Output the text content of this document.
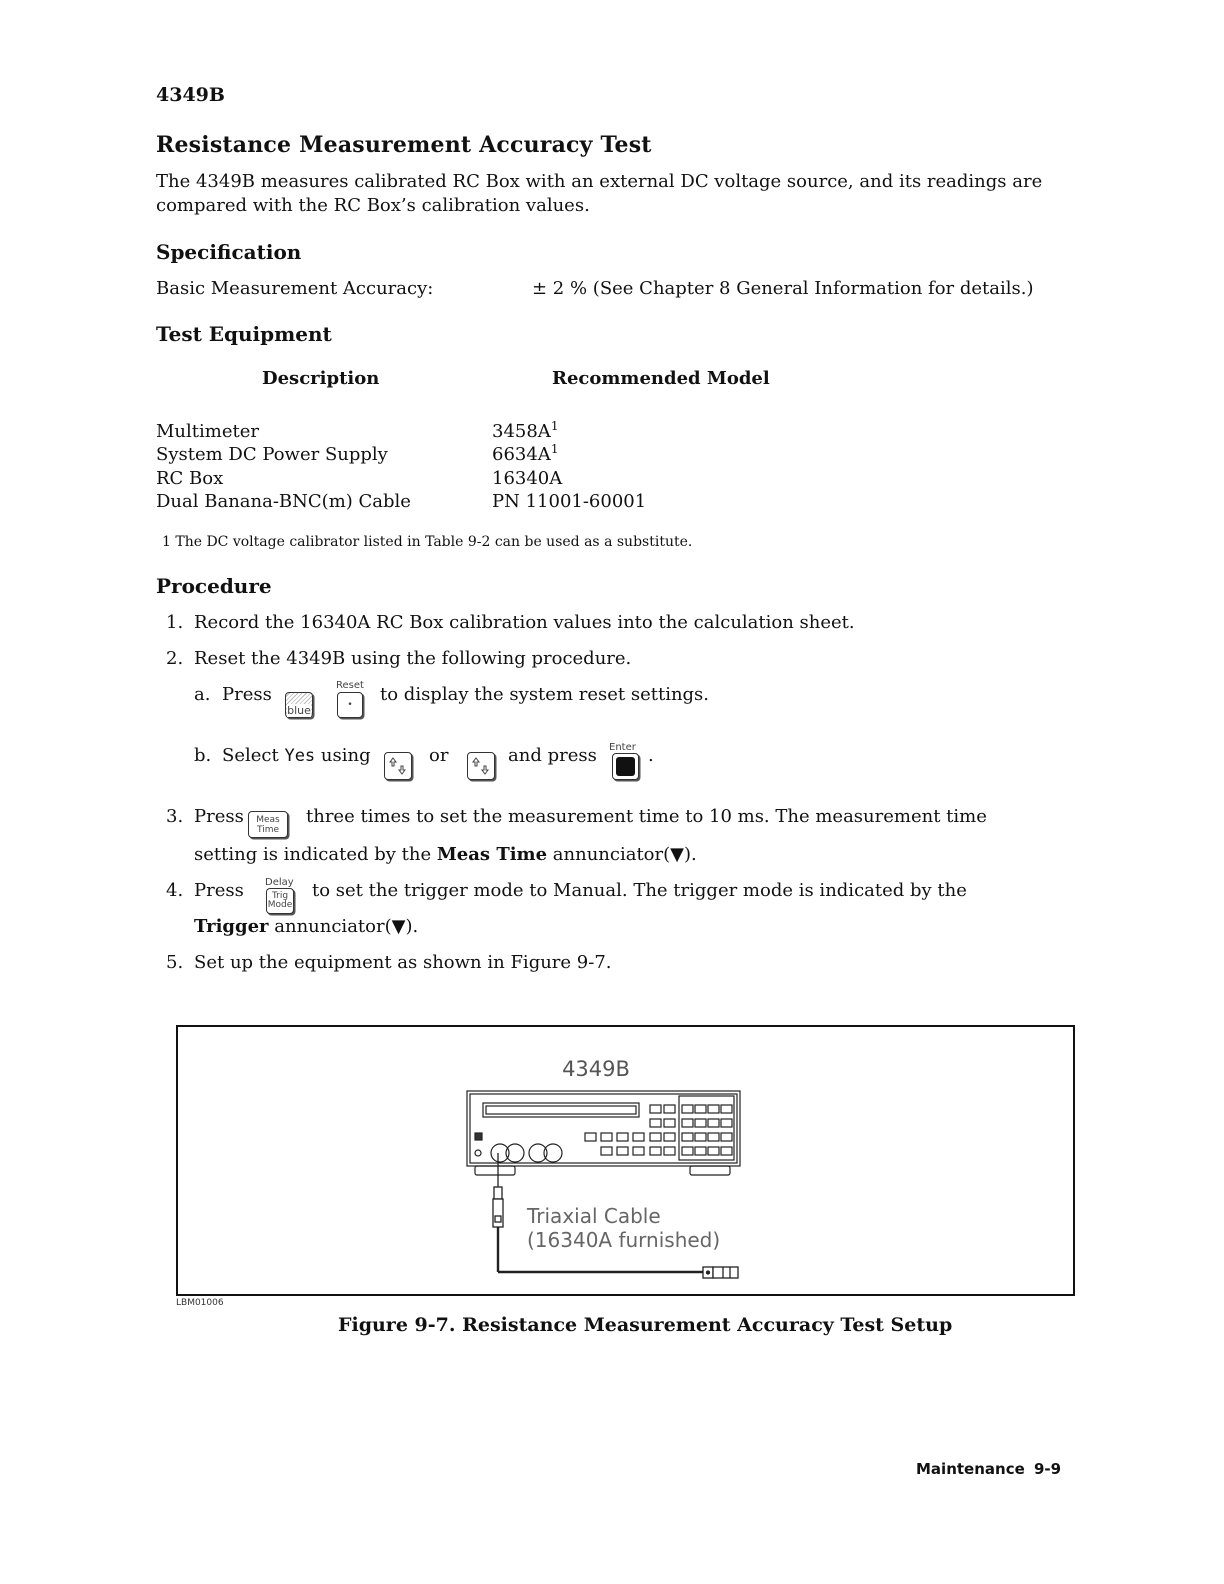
4349B
Resistance Measurement Accuracy Test
The 4349B measures calibrated RC Box with an external DC voltage source, and its readings are compared with the RC Box’s calibration values.
Specification
Basic Measurement Accuracy:	± 2 % (See Chapter 8 General Information for details.)
Test Equipment
Description	Recommended Model
Multimeter	$3458A^1$
System DC Power Supply	$6634A^1$
RC Box	16340A
Dual Banana-BNC(m) Cable	PN 11001-60001
1 The DC voltage calibrator listed in Table 9-2 can be used as a substitute.
Procedure
1. Record the 16340A RC Box calibration values into the calculation sheet.
2. Reset the 4349B using the following procedure.
a. Press
blue
Reset
•	to display the system reset settings.
b. Select Yes using	or	and press Enter .
3. Press Meas
Time
three times to set the measurement time to 10 ms. The measurement time
setting is indicated by the Meas Time annunciator(▼).
4. Press Delay
Trig
Mode
to set the trigger mode to Manual. The trigger mode is indicated by the
Trigger annunciator(▼).
5. Set up the equipment as shown in Figure 9-7.
4349B
Triaxial Cable
(16340A furnished)
LBM01006
Figure 9-7. Resistance Measurement Accuracy Test Setup
Maintenance 9-9
